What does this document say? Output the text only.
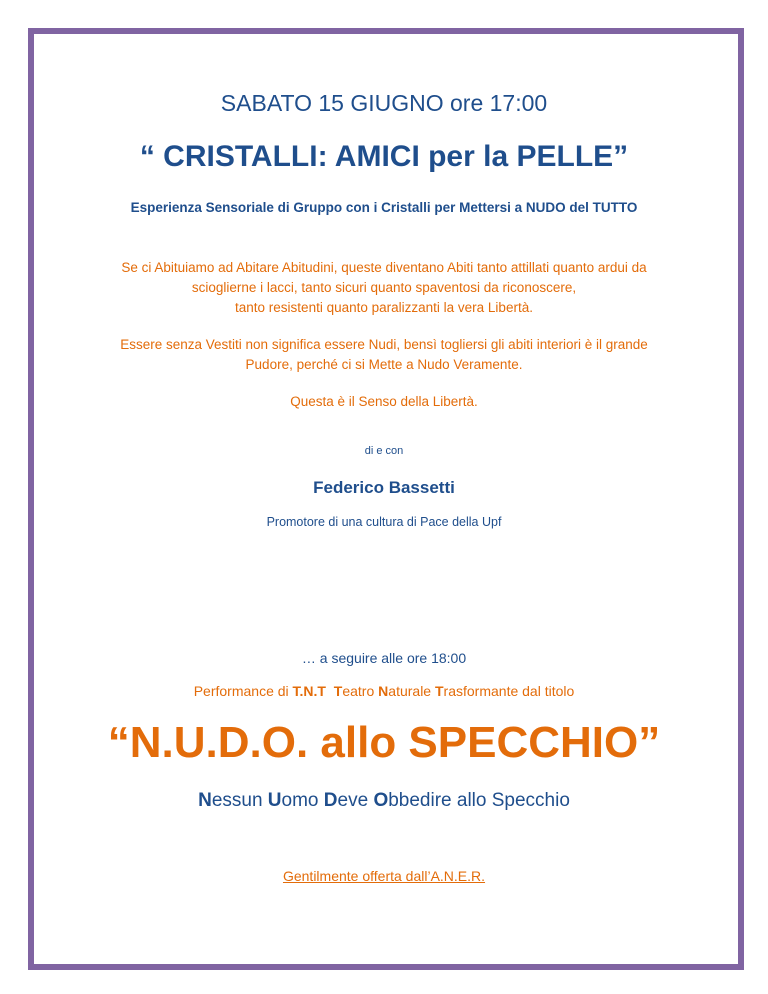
SABATO 15 GIUGNO ore 17:00

“ CRISTALLI: AMICI per la PELLE”

Esperienza Sensoriale di Gruppo con i Cristalli per Mettersi a NUDO del TUTTO

Se ci Abituiamo ad Abitare Abitudini, queste diventano Abiti tanto attillati quanto ardui da
scioglierne i lacci, tanto sicuri quanto spaventosi da riconoscere,
tanto resistenti quanto paralizzanti la vera Libertà.
Essere senza Vestiti non significa essere Nudi, bensì togliersi gli abiti interiori è il grande
Pudore, perché ci si Mette a Nudo Veramente.

Questa è il Senso della Libertà.

di e con

Federico Bassetti

Promotore di una cultura di Pace della Upf

… a seguire alle ore 18:00

Performance di T.N.T Teatro Naturale Trasformante dal titolo

“N.U.D.O. allo SPECCHIO”

Nessun Uomo Deve Obbedire allo Specchio

Gentilmente offerta dall’A.N.E.R.
